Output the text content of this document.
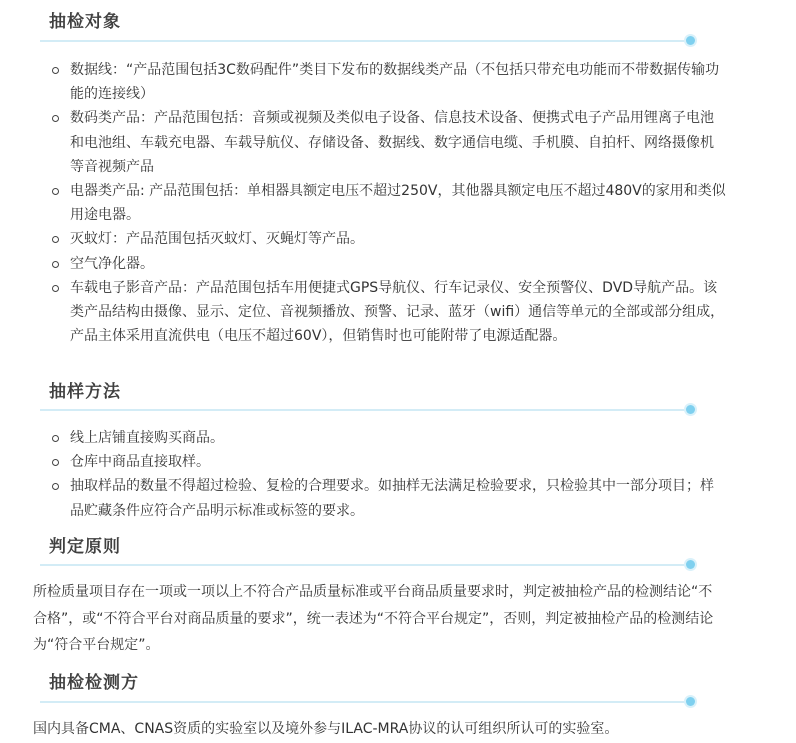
抽检对象
数据线：“产品范围包括3C数码配件”类目下发布的数据线类产品（不包括只带充电功能而不带数据传输功能的连接线）
数码类产品：产品范围包括：音频或视频及类似电子设备、信息技术设备、便携式电子产品用锂离子电池和电池组、车载充电器、车载导航仪、存储设备、数据线、数字通信电缆、手机膜、自拍杆、网络摄像机等音视频产品
电器类产品: 产品范围包括：单相器具额定电压不超过250V，其他器具额定电压不超过480V的家用和类似用途电器。
灭蚊灯：产品范围包括灭蚊灯、灭蝇灯等产品。
空气净化器。
车载电子影音产品：产品范围包括车用便捷式GPS导航仪、行车记录仪、安全预警仪、DVD导航产品。该类产品结构由摄像、显示、定位、音视频播放、预警、记录、蓝牙（wifi）通信等单元的全部或部分组成，产品主体采用直流供电（电压不超过60V），但销售时也可能附带了电源适配器。
抽样方法
线上店铺直接购买商品。
仓库中商品直接取样。
抽取样品的数量不得超过检验、复检的合理要求。如抽样无法满足检验要求，只检验其中一部分项目；样品贮藏条件应符合产品明示标准或标签的要求。
判定原则
所检质量项目存在一项或一项以上不符合产品质量标准或平台商品质量要求时，判定被抽检产品的检测结论“不合格”，或“不符合平台对商品质量的要求”，统一表述为“不符合平台规定”，否则，判定被抽检产品的检测结论为“符合平台规定”。
抽检检测方
国内具备CMA、CNAS资质的实验室以及境外参与ILAC-MRA协议的认可组织所认可的实验室。
